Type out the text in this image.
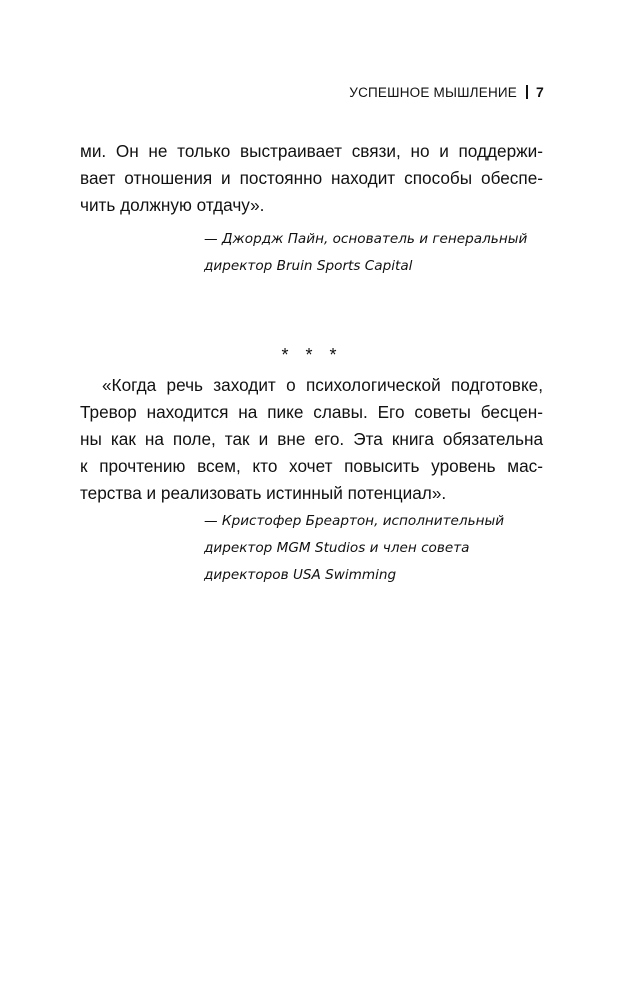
УСПЕШНОЕ МЫШЛЕНИЕ 7
ми. Он не только выстраивает связи, но и поддержи-
вает отношения и постоянно находит способы обеспе-
чить должную отдачу».
— Джордж Пайн, основатель и генеральный
директор Bruin Sports Capital
* * *
«Когда речь заходит о психологической подготовке,
Тревор находится на пике славы. Его советы бесцен-
ны как на поле, так и вне его. Эта книга обязательна
к прочтению всем, кто хочет повысить уровень мас-
терства и реализовать истинный потенциал».
— Кристофер Бреартон, исполнительный
директор MGM Studios и член совета
директоров USA Swimming
